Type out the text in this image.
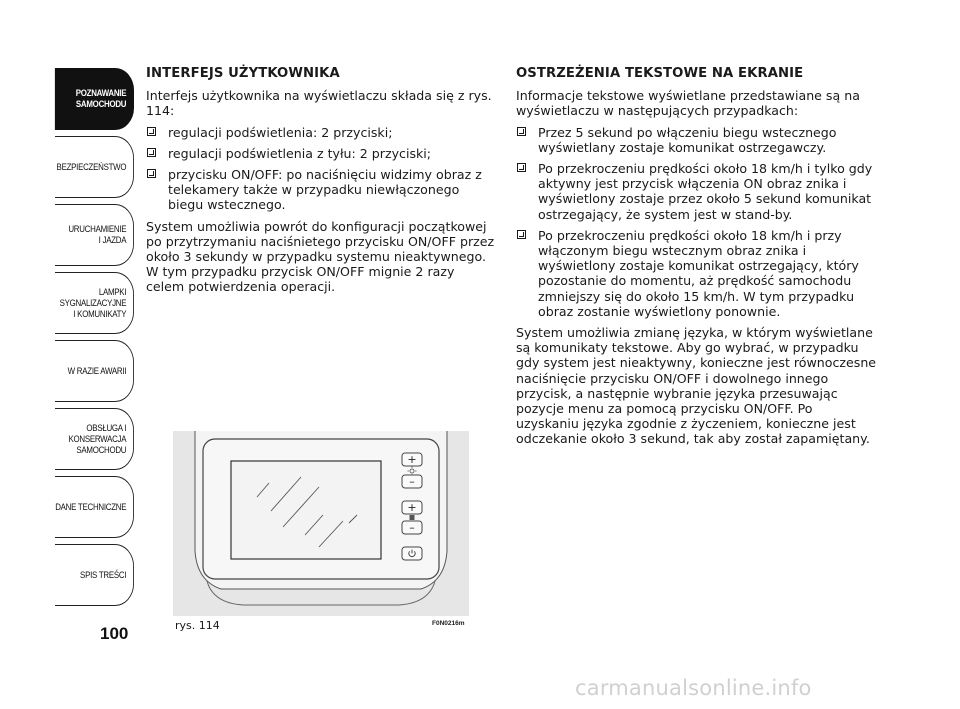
POZNAWANIE
SAMOCHODU
BEZPIECZEŃSTWO
URUCHAMIENIE
I JAZDA
LAMPKI
SYGNALIZACYJNE
I KOMUNIKATY
W RAZIE AWARII
OBSŁUGA I
KONSERWACJA
SAMOCHODU
DANE TECHNICZNE
SPIS TREŚCI
100
INTERFEJS UŻYTKOWNIKA

Interfejs użytkownika na wyświetlaczu składa się z rys. 114:

regulacji podświetlenia: 2 przyciski;
regulacji podświetlenia z tyłu: 2 przyciski;
przycisku ON/OFF: po naciśnięciu widzimy obraz z telekamery także w przypadku niewłączonego biegu wstecznego.

System umożliwia powrót do konfiguracji początkowej po przytrzymaniu naciśnietego przycisku ON/OFF przez około 3 sekundy w przypadku systemu nieaktywnego. W tym przypadku przycisk ON/OFF mignie 2 razy celem potwierdzenia operacji.

OSTRZEŻENIA TEKSTOWE NA EKRANIE

Informacje tekstowe wyświetlane przedstawiane są na wyświetlaczu w następujących przypadkach:

Przez 5 sekund po włączeniu biegu wstecznego wyświetlany zostaje komunikat ostrzegawczy.
Po przekroczeniu prędkości około 18 km/h i tylko gdy aktywny jest przycisk włączenia ON obraz znika i wyświetlony zostaje przez około 5 sekund komunikat ostrzegający, że system jest w stand-by.
Po przekroczeniu prędkości około 18 km/h i przy włączonym biegu wstecznym obraz znika i wyświetlony zostaje komunikat ostrzegający, który pozostanie do momentu, aż prędkość samochodu zmniejszy się do około 15 km/h. W tym przypadku obraz zostanie wyświetlony ponownie.

System umożliwia zmianę języka, w którym wyświetlane są komunikaty tekstowe. Aby go wybrać, w przypadku gdy system jest nieaktywny, konieczne jest równoczesne naciśnięcie przycisku ON/OFF i dowolnego innego przycisk, a następnie wybranie języka przesuwając pozycje menu za pomocą przycisku ON/OFF. Po uzyskaniu języka zgodnie z życzeniem, konieczne jest odczekanie około 3 sekund, tak aby został zapamiętany.

+
–
+
–
rys. 114	F0N0216m
carmanualsonline.info
